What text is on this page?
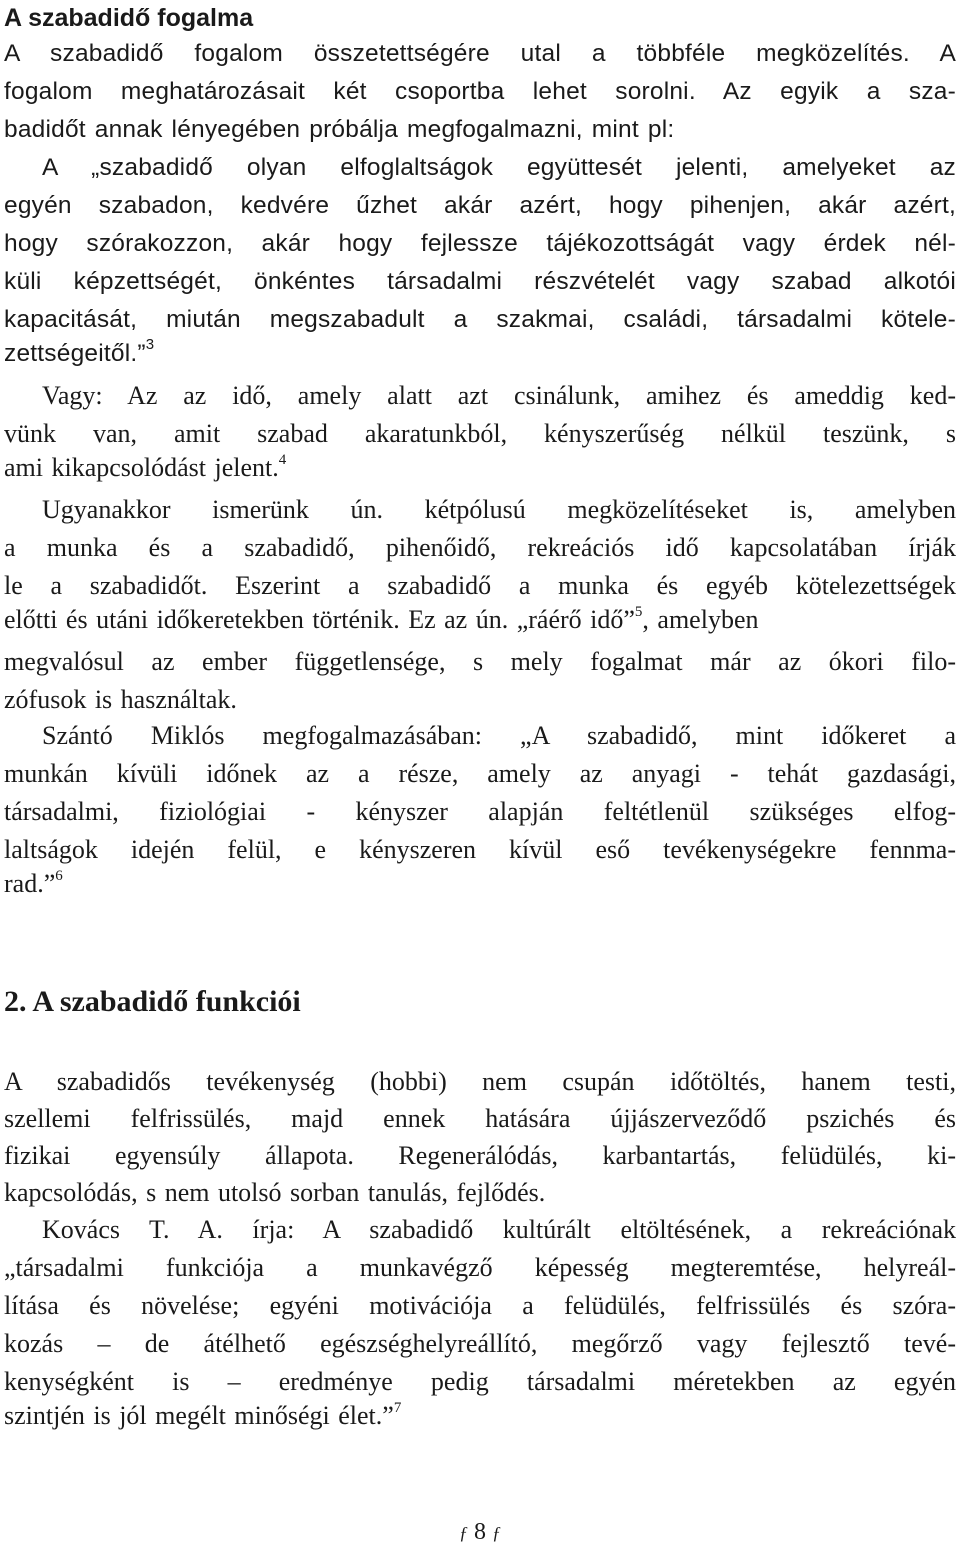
A szabadidő fogalma
A szabadidő fogalom összetettségére utal a többféle megközelítés. A
fogalom meghatározásait két csoportba lehet sorolni. Az egyik a sza-
badidőt annak lényegében próbálja megfogalmazni, mint pl:
A „szabadidő olyan elfoglaltságok együttesét jelenti, amelyeket az
egyén szabadon, kedvére űzhet akár azért, hogy pihenjen, akár azért,
hogy szórakozzon, akár hogy fejlessze tájékozottságát vagy érdek nél-
küli képzettségét, önkéntes társadalmi részvételét vagy szabad alkotói
kapacitását, miután megszabadult a szakmai, családi, társadalmi kötele-
zettségeitől.”$^3$
Vagy: Az az idő, amely alatt azt csinálunk, amihez és ameddig ked-
vünk van, amit szabad akaratunkból, kényszerűség nélkül teszünk, s
ami kikapcsolódást jelent.$^4$
Ugyanakkor ismerünk ún. kétpólusú megközelítéseket is, amelyben
a munka és a szabadidő, pihenőidő, rekreációs idő kapcsolatában írják
le a szabadidőt. Eszerint a szabadidő a munka és egyéb kötelezettségek
előtti és utáni időkeretekben történik. Ez az ún. „ráérő idő”$^5$, amelyben
megvalósul az ember függetlensége, s mely fogalmat már az ókori filo-
zófusok is használtak.
Szántó Miklós megfogalmazásában: „A szabadidő, mint időkeret a
munkán kívüli időnek az a része, amely az anyagi - tehát gazdasági,
társadalmi, fiziológiai - kényszer alapján feltétlenül szükséges elfog-
laltságok idején felül, e kényszeren kívül eső tevékenységekre fennma-
rad.”$^6$
2. A szabadidő funkciói
A szabadidős tevékenység (hobbi) nem csupán időtöltés, hanem testi,
szellemi felfrissülés, majd ennek hatására újjászerveződő pszichés és
fizikai egyensúly állapota. Regenerálódás, karbantartás, felüdülés, ki-
kapcsolódás, s nem utolsó sorban tanulás, fejlődés.
Kovács T. A. írja: A szabadidő kultúrált eltöltésének, a rekreációnak
„társadalmi funkciója a munkavégző képesség megteremtése, helyreál-
lítása és növelése; egyéni motivációja a felüdülés, felfrissülés és szóra-
kozás – de átélhető egészséghelyreállító, megőrző vagy fejlesztő tevé-
kenységként is – eredménye pedig társadalmi méretekben az egyén
szintjén is jól megélt minőségi élet.”$^7$
ƒ 8 ƒ
